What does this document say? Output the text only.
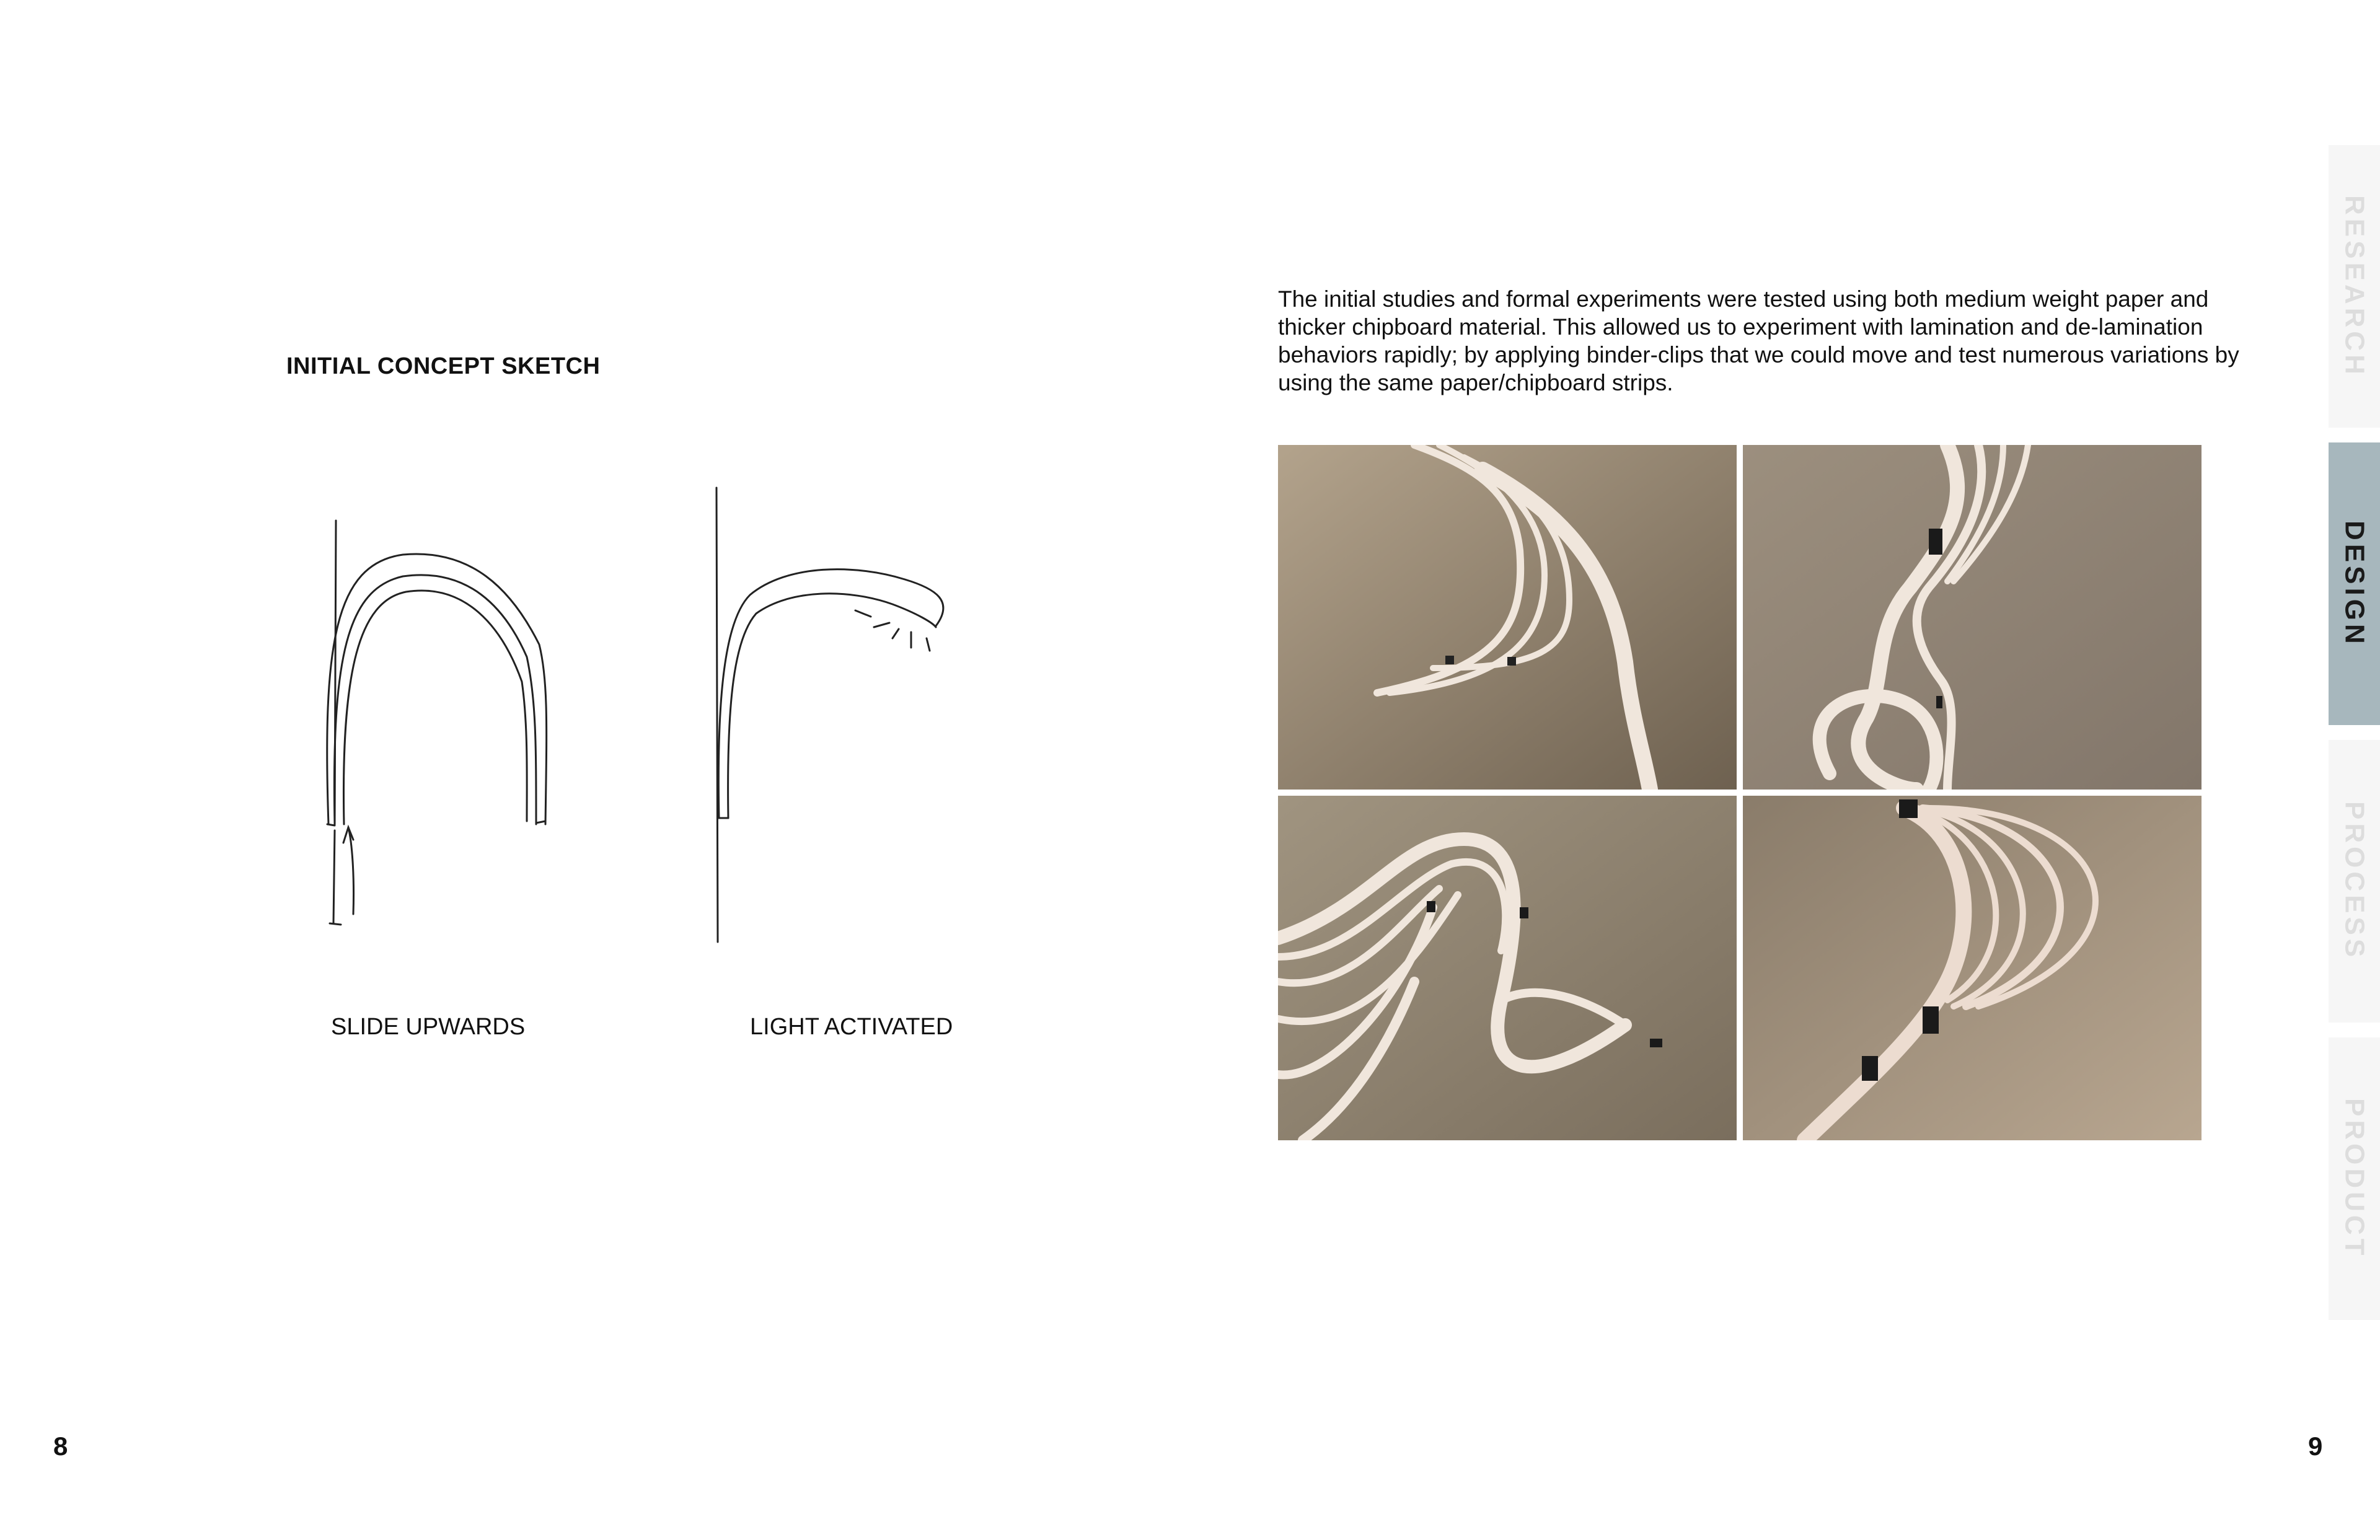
INITIAL CONCEPT SKETCH
SLIDE UPWARDS	LIGHT ACTIVATED
8
The initial studies and formal experiments were tested using both medium weight paper and thicker chipboard material. This allowed us to experiment with lamination and de-lamination behaviors rapidly; by applying binder-clips that we could move and test numerous variations by using the same paper/chipboard strips.
RESEARCH
DESIGN
PROCESS
PRODUCT
9
